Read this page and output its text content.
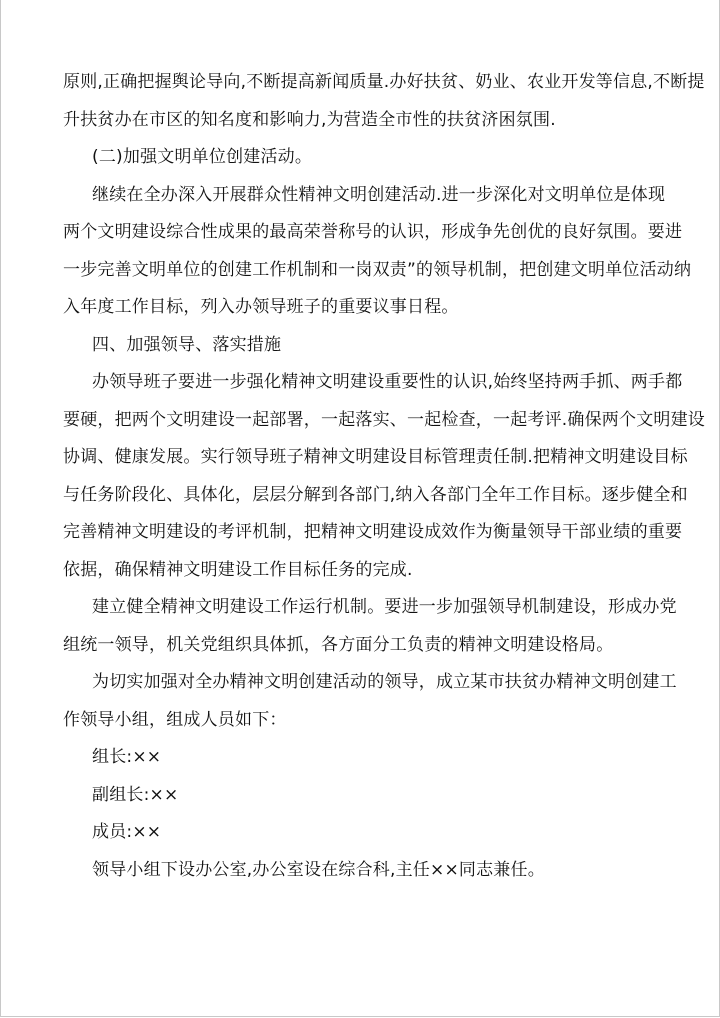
原则,正确把握舆论导向,不断提高新闻质量.办好扶贫、奶业、农业开发等信息,不断提
升扶贫办在市区的知名度和影响力,为营造全市性的扶贫济困氛围.
(二)加强文明单位创建活动。
继续在全办深入开展群众性精神文明创建活动.进一步深化对文明单位是体现
两个文明建设综合性成果的最高荣誉称号的认识，形成争先创优的良好氛围。要进
一步完善文明单位的创建工作机制和一岗双责”的领导机制，把创建文明单位活动纳
入年度工作目标，列入办领导班子的重要议事日程。
四、加强领导、落实措施
办领导班子要进一步强化精神文明建设重要性的认识,始终坚持两手抓、两手都
要硬，把两个文明建设一起部署，一起落实、一起检查，一起考评.确保两个文明建设
协调、健康发展。实行领导班子精神文明建设目标管理责任制.把精神文明建设目标
与任务阶段化、具体化，层层分解到各部门,纳入各部门全年工作目标。逐步健全和
完善精神文明建设的考评机制，把精神文明建设成效作为衡量领导干部业绩的重要
依据，确保精神文明建设工作目标任务的完成.
建立健全精神文明建设工作运行机制。要进一步加强领导机制建设，形成办党
组统一领导，机关党组织具体抓，各方面分工负责的精神文明建设格局。
为切实加强对全办精神文明创建活动的领导，成立某市扶贫办精神文明创建工
作领导小组，组成人员如下：
组长:××
副组长:××
成员:××
领导小组下设办公室,办公室设在综合科,主任××同志兼任。
